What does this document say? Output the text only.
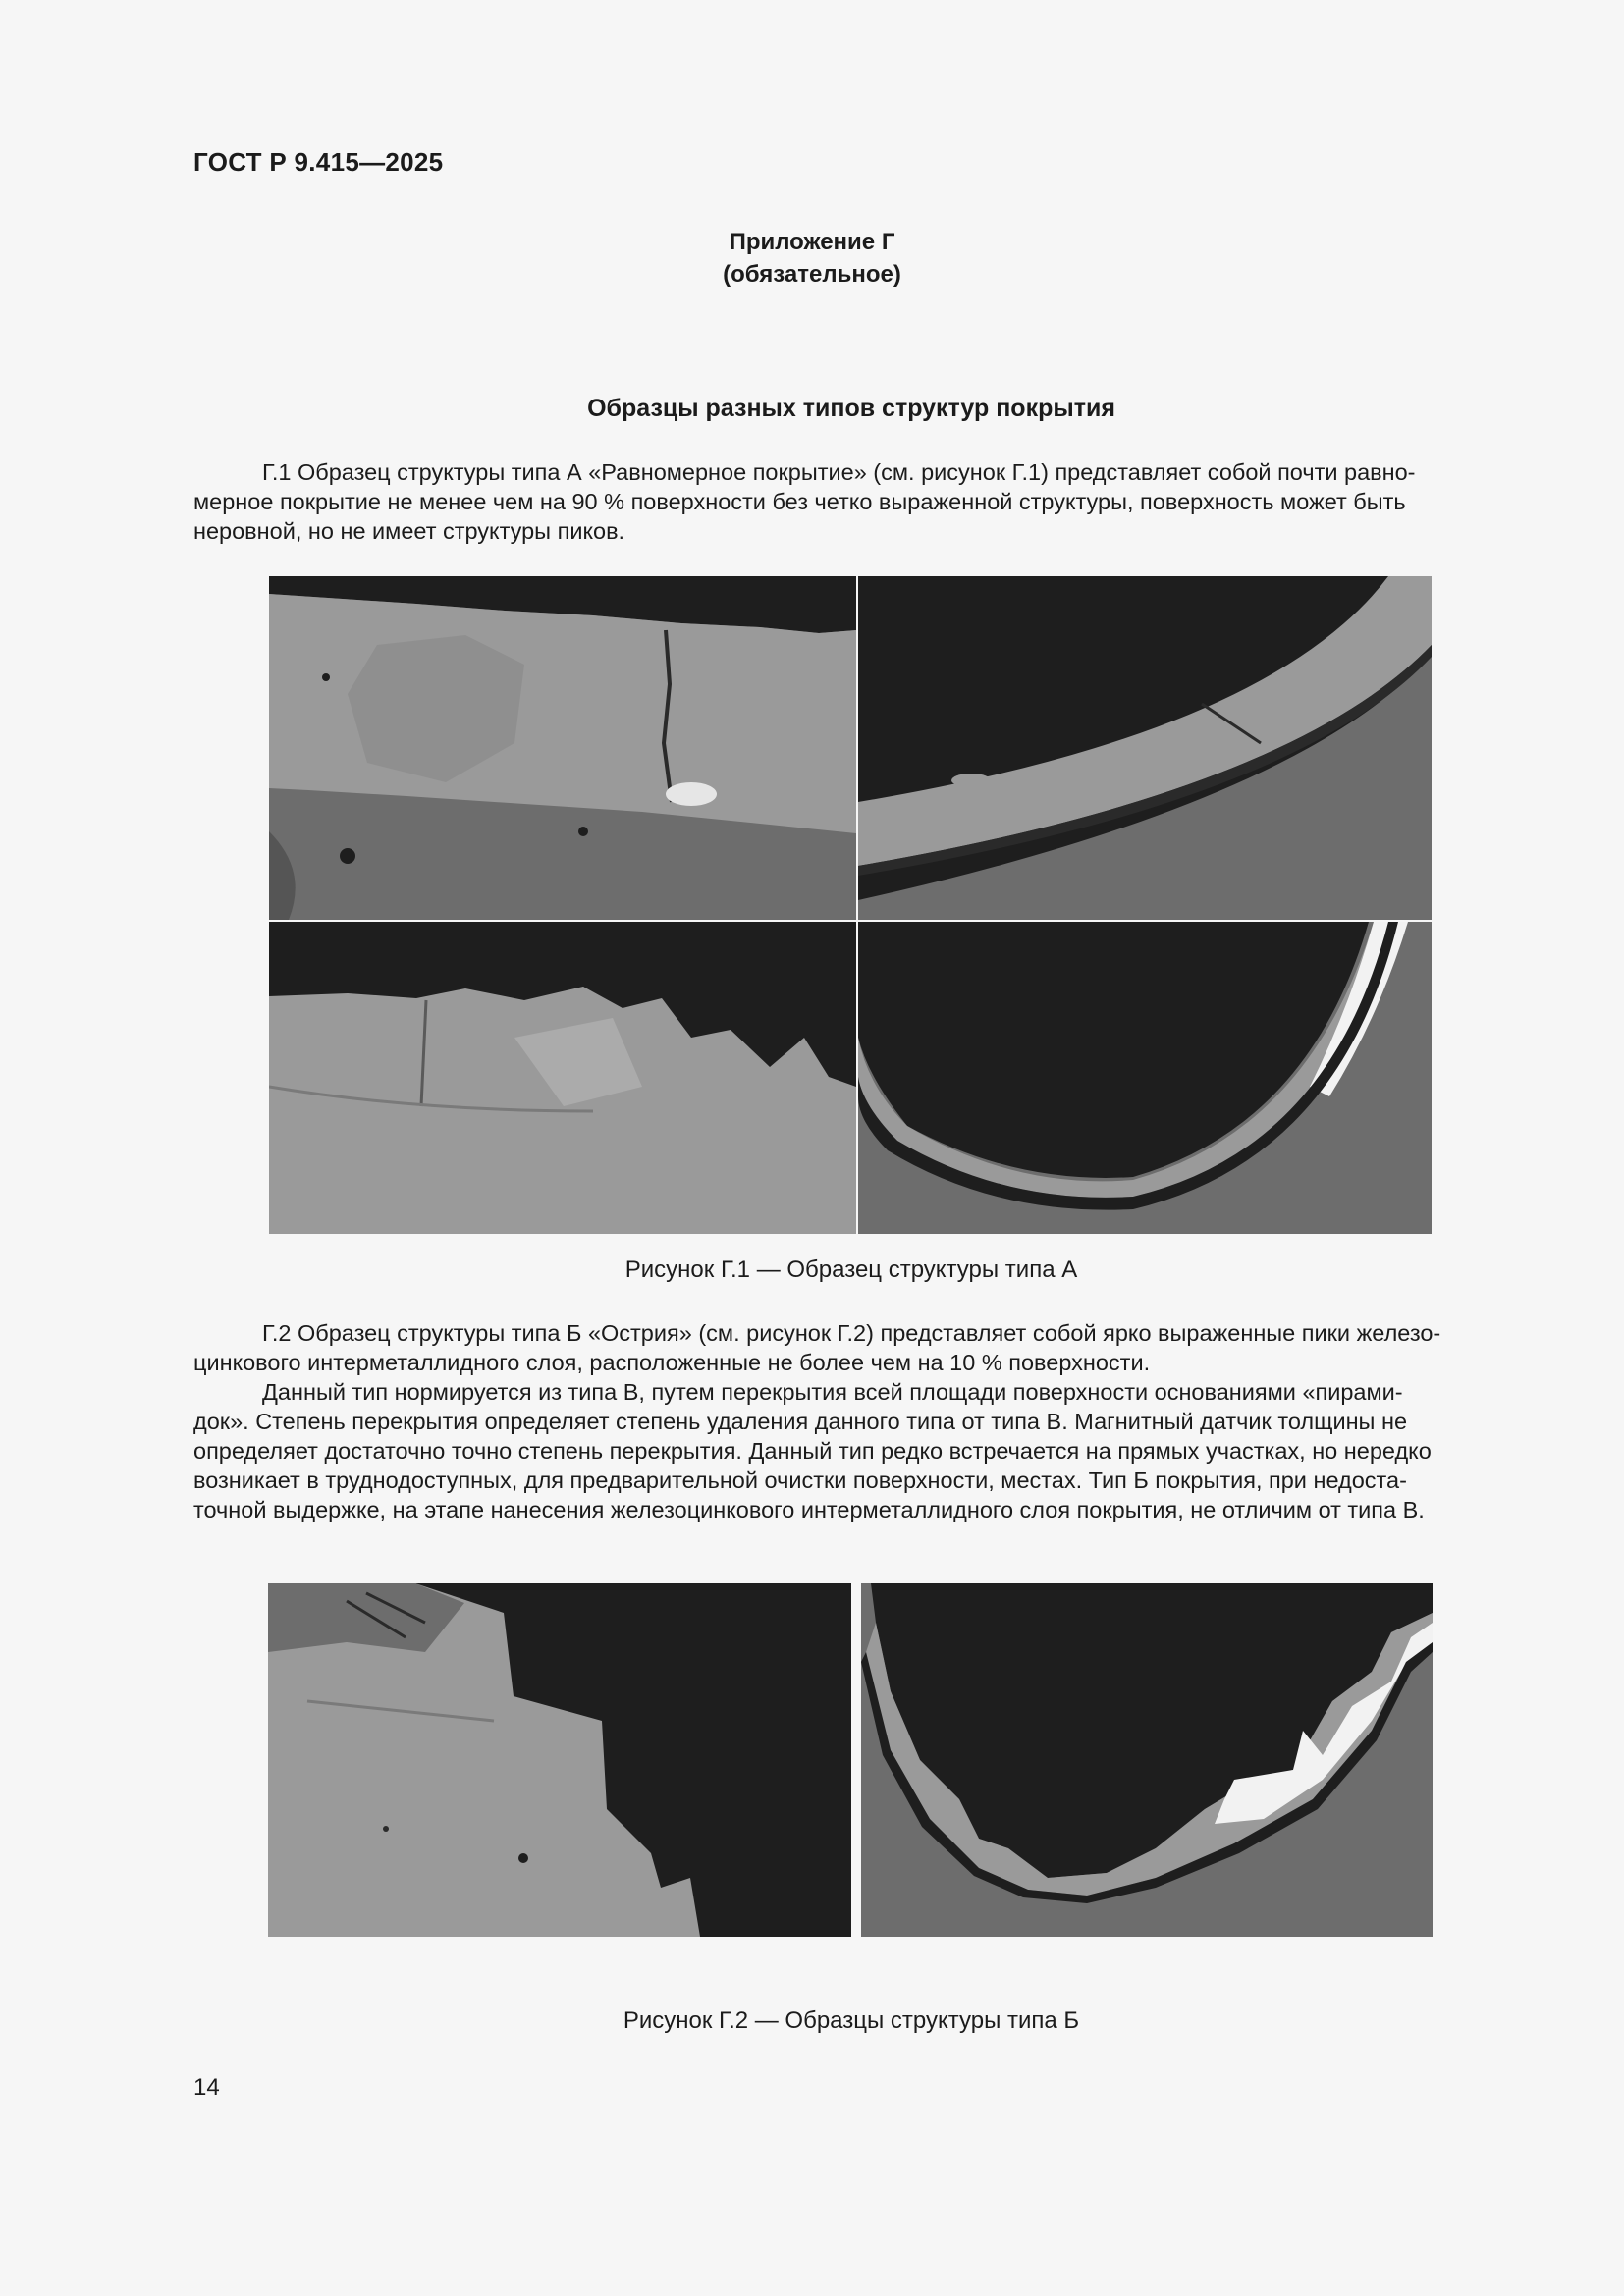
ГОСТ Р 9.415—2025
Приложение Г
(обязательное)
Образцы разных типов структур покрытия

Г.1 Образец структуры типа А «Равномерное покрытие» (см. рисунок Г.1) представляет собой почти равно-
мерное покрытие не менее чем на 90 % поверхности без четко выраженной структуры, поверхность может быть
неровной, но не имеет структуры пиков.

Рисунок Г.1 — Образец структуры типа А

Г.2 Образец структуры типа Б «Острия» (см. рисунок Г.2) представляет собой ярко выраженные пики железо-
цинкового интерметаллидного слоя, расположенные не более чем на 10 % поверхности.

Данный тип нормируется из типа В, путем перекрытия всей площади поверхности основаниями «пирами-
док». Степень перекрытия определяет степень удаления данного типа от типа В. Магнитный датчик толщины не
определяет достаточно точно степень перекрытия. Данный тип редко встречается на прямых участках, но нередко
возникает в труднодоступных, для предварительной очистки поверхности, местах. Тип Б покрытия, при недоста-
точной выдержке, на этапе нанесения железоцинкового интерметаллидного слоя покрытия, не отличим от типа В.

Рисунок Г.2 — Образцы структуры типа Б
14
